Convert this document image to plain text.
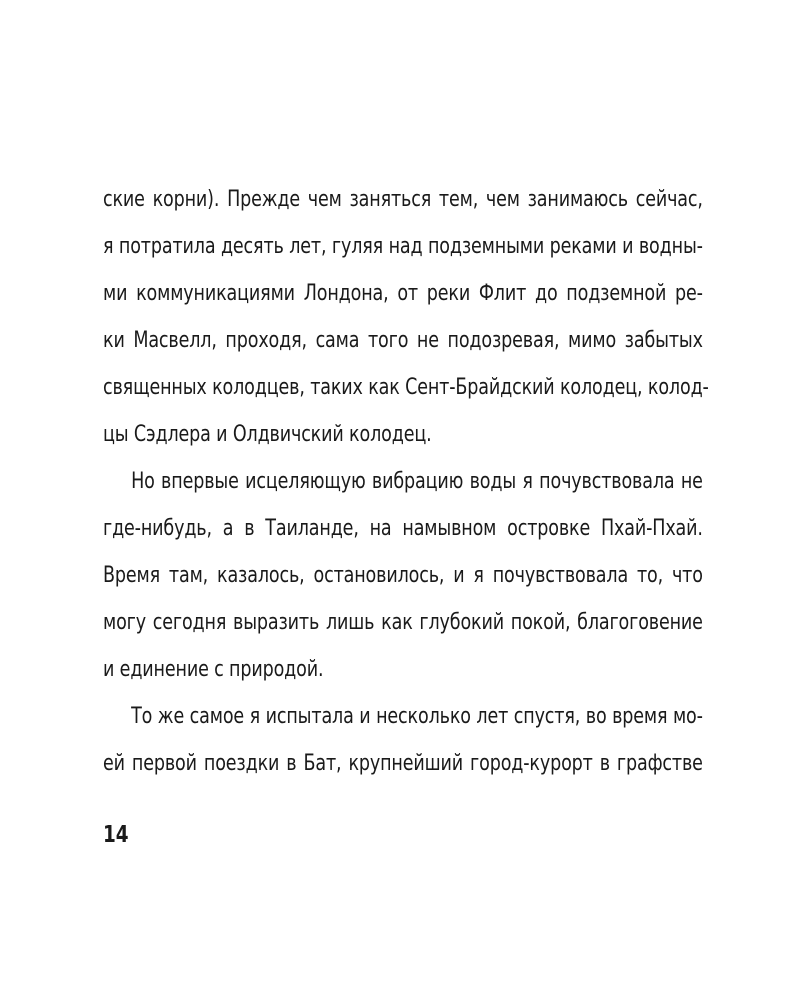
ские корни). Прежде чем заняться тем, чем занимаюсь сейчас,
я потратила десять лет, гуляя над подземными реками и водны-
ми коммуникациями Лондона, от реки Флит до подземной ре-
ки Масвелл, проходя, сама того не подозревая, мимо забытых
священных колодцев, таких как Сент-Брайдский колодец, колод-
цы Сэдлера и Олдвичский колодец.
Но впервые исцеляющую вибрацию воды я почувствовала не
где-нибудь, а в Таиланде, на намывном островке Пхай-Пхай.
Время там, казалось, остановилось, и я почувствовала то, что
могу сегодня выразить лишь как глубокий покой, благоговение
и единение с природой.
То же самое я испытала и несколько лет спустя, во время мо-
ей первой поездки в Бат, крупнейший город-курорт в графстве
14
